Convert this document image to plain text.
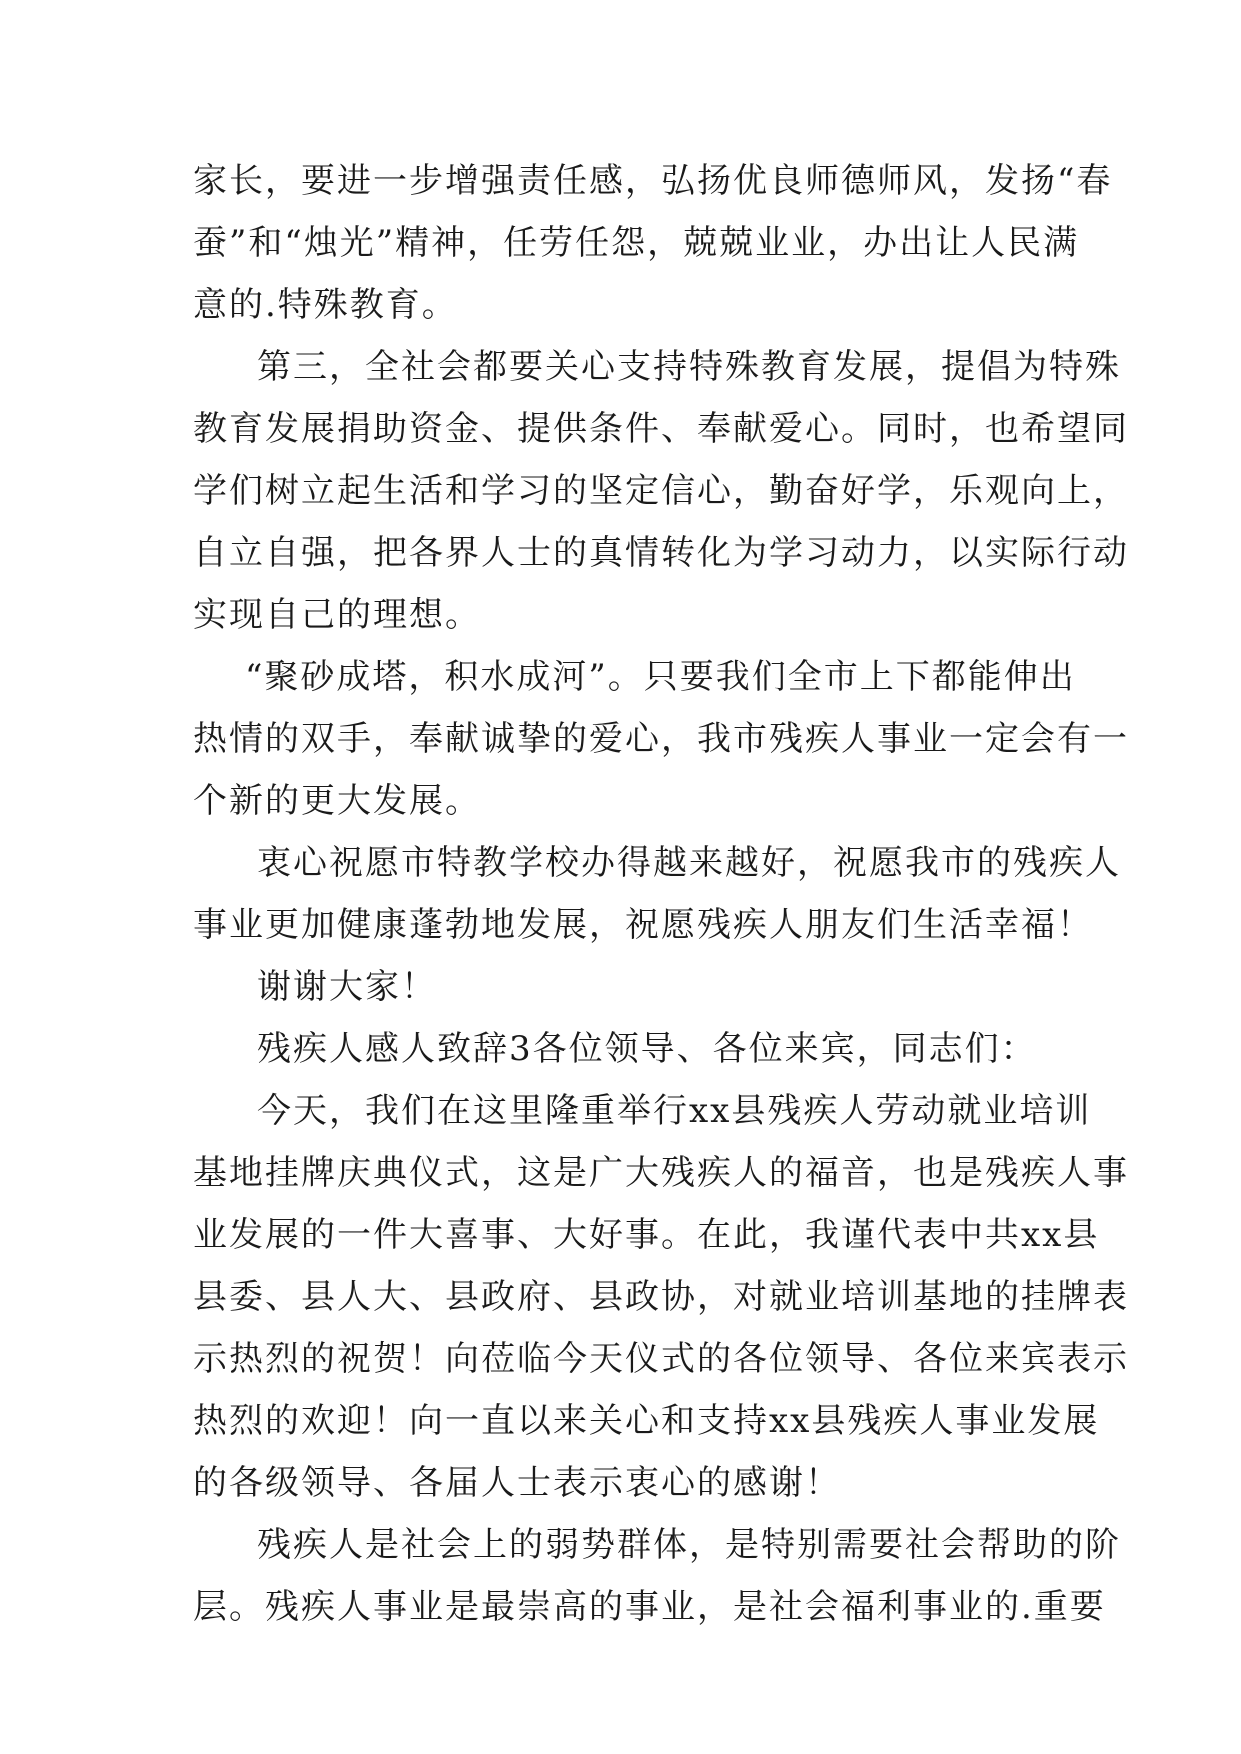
家长，要进一步增强责任感，弘扬优良师德师风，发扬“春
蚕”和“烛光”精神，任劳任怨，兢兢业业，办出让人民满
意的.特殊教育。
第三，全社会都要关心支持特殊教育发展，提倡为特殊
教育发展捐助资金、提供条件、奉献爱心。同时，也希望同
学们树立起生活和学习的坚定信心，勤奋好学，乐观向上，
自立自强，把各界人士的真情转化为学习动力，以实际行动
实现自己的理想。
“聚砂成塔，积水成河”。只要我们全市上下都能伸出
热情的双手，奉献诚挚的爱心，我市残疾人事业一定会有一
个新的更大发展。
衷心祝愿市特教学校办得越来越好，祝愿我市的残疾人
事业更加健康蓬勃地发展，祝愿残疾人朋友们生活幸福！
谢谢大家！
残疾人感人致辞3各位领导、各位来宾，同志们：
今天，我们在这里隆重举行xx县残疾人劳动就业培训
基地挂牌庆典仪式，这是广大残疾人的福音，也是残疾人事
业发展的一件大喜事、大好事。在此，我谨代表中共xx县
县委、县人大、县政府、县政协，对就业培训基地的挂牌表
示热烈的祝贺！向莅临今天仪式的各位领导、各位来宾表示
热烈的欢迎！向一直以来关心和支持xx县残疾人事业发展
的各级领导、各届人士表示衷心的感谢！
残疾人是社会上的弱势群体，是特别需要社会帮助的阶
层。残疾人事业是最崇高的事业，是社会福利事业的.重要
